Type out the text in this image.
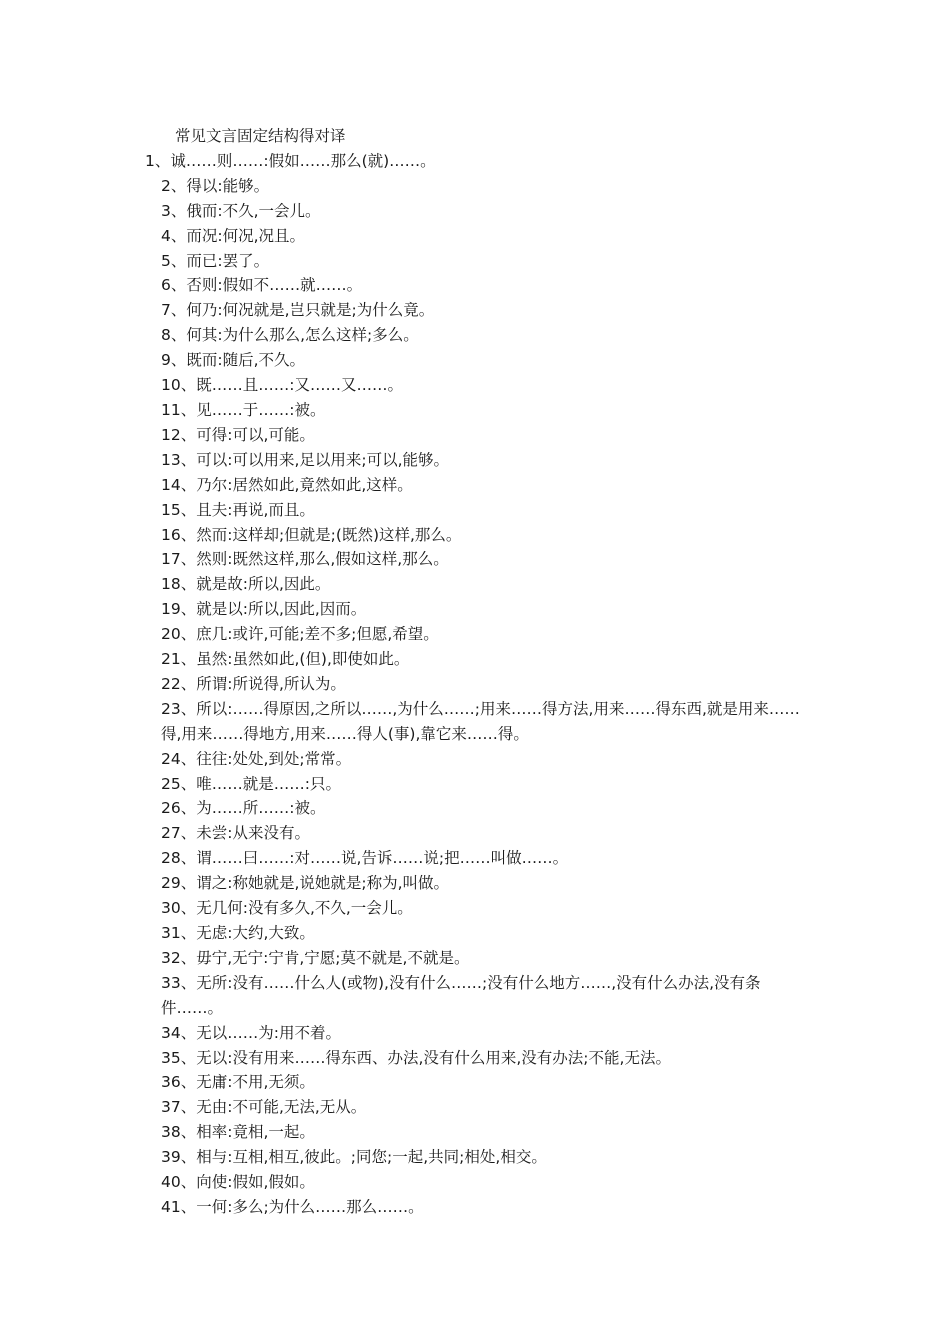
常见文言固定结构得对译
1、诚……则……:假如……那么(就)……。
2、得以:能够。
3、俄而:不久,一会儿。
4、而况:何况,况且。
5、而已:罢了。
6、否则:假如不……就……。
7、何乃:何况就是,岂只就是;为什么竟。
8、何其:为什么那么,怎么这样;多么。
9、既而:随后,不久。
10、既……且……:又……又……。
11、见……于……:被。
12、可得:可以,可能。
13、可以:可以用来,足以用来;可以,能够。
14、乃尔:居然如此,竟然如此,这样。
15、且夫:再说,而且。
16、然而:这样却;但就是;(既然)这样,那么。
17、然则:既然这样,那么,假如这样,那么。
18、就是故:所以,因此。
19、就是以:所以,因此,因而。
20、庶几:或许,可能;差不多;但愿,希望。
21、虽然:虽然如此,(但),即使如此。
22、所谓:所说得,所认为。
23、所以:……得原因,之所以……,为什么……;用来……得方法,用来……得东西,就是用来……得,用来……得地方,用来……得人(事),靠它来……得。
24、往往:处处,到处;常常。
25、唯……就是……:只。
26、为……所……:被。
27、未尝:从来没有。
28、谓……曰……:对……说,告诉……说;把……叫做……。
29、谓之:称她就是,说她就是;称为,叫做。
30、无几何:没有多久,不久,一会儿。
31、无虑:大约,大致。
32、毋宁,无宁:宁肯,宁愿;莫不就是,不就是。
33、无所:没有……什么人(或物),没有什么……;没有什么地方……,没有什么办法,没有条件……。
34、无以……为:用不着。
35、无以:没有用来……得东西、办法,没有什么用来,没有办法;不能,无法。
36、无庸:不用,无须。
37、无由:不可能,无法,无从。
38、相率:竟相,一起。
39、相与:互相,相互,彼此。;同您;一起,共同;相处,相交。
40、向使:假如,假如。
41、一何:多么;为什么……那么……。
